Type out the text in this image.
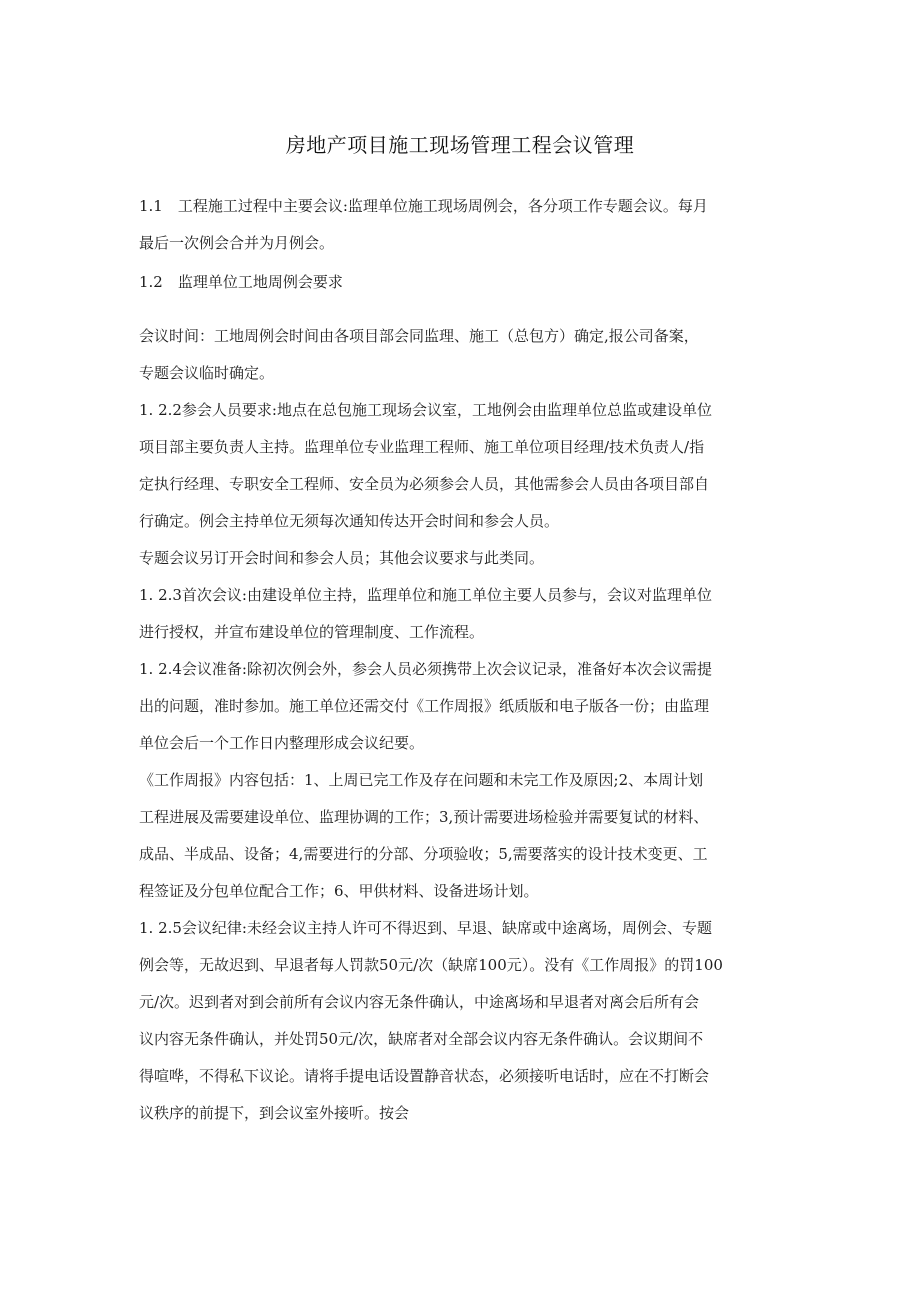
房地产项目施工现场管理工程会议管理
1.1　工程施工过程中主要会议:监理单位施工现场周例会，各分项工作专题会议。每月
最后一次例会合并为月例会。
1.2　监理单位工地周例会要求
会议时间：工地周例会时间由各项目部会同监理、施工（总包方）确定,报公司备案，
专题会议临时确定。
1. 2.2参会人员要求:地点在总包施工现场会议室，工地例会由监理单位总监或建设单位
项目部主要负责人主持。监理单位专业监理工程师、施工单位项目经理/技术负责人/指
定执行经理、专职安全工程师、安全员为必须参会人员，其他需参会人员由各项目部自
行确定。例会主持单位无须每次通知传达开会时间和参会人员。
专题会议另订开会时间和参会人员；其他会议要求与此类同。
1. 2.3首次会议:由建设单位主持，监理单位和施工单位主要人员参与，会议对监理单位
进行授权，并宣布建设单位的管理制度、工作流程。
1. 2.4会议准备:除初次例会外，参会人员必须携带上次会议记录，准备好本次会议需提
出的问题，准时参加。施工单位还需交付《工作周报》纸质版和电子版各一份；由监理
单位会后一个工作日内整理形成会议纪要。
《工作周报》内容包括：1、上周已完工作及存在问题和未完工作及原因;2、本周计划
工程进展及需要建设单位、监理协调的工作；3,预计需要进场检验并需要复试的材料、
成品、半成品、设备；4,需要进行的分部、分项验收；5,需要落实的设计技术变更、工
程签证及分包单位配合工作；6、甲供材料、设备进场计划。
1. 2.5会议纪律:未经会议主持人许可不得迟到、早退、缺席或中途离场，周例会、专题
例会等，无故迟到、早退者每人罚款50元/次（缺席100元）。没有《工作周报》的罚100
元/次。迟到者对到会前所有会议内容无条件确认，中途离场和早退者对离会后所有会
议内容无条件确认，并处罚50元/次，缺席者对全部会议内容无条件确认。会议期间不
得喧哗，不得私下议论。请将手提电话设置静音状态，必须接听电话时，应在不打断会
议秩序的前提下，到会议室外接听。按会
